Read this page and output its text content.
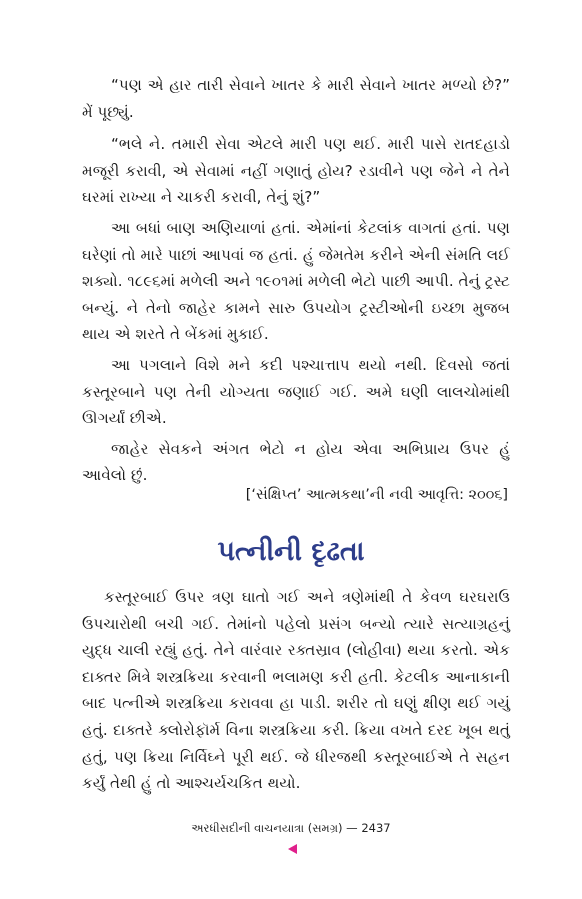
“પણ એ હાર તારી સેવાને ખાતર કે મારી સેવાને ખાતર મળ્યો છે?” મેં પૂછ્યું.

“ભલે ને. તમારી સેવા એટલે મારી પણ થઈ. મારી પાસે રાતદહાડો મજૂરી કરાવી, એ સેવામાં નહીં ગણાતું હોય? રડાવીને પણ જેને ને તેને ઘરમાં રાખ્યા ને ચાકરી કરાવી, તેનું શું?”

આ બધાં બાણ અણિયાળાં હતાં. એમાંનાં કેટલાંક વાગતાં હતાં. પણ ઘરેણાં તો મારે પાછાં આપવાં જ હતાં. હું જેમતેમ કરીને એની સંમતિ લઈ શક્યો. ૧૮૯૬માં મળેલી અને ૧૯૦૧માં મળેલી ભેટો પાછી આપી. તેનું ટ્રસ્ટ બન્યું. ને તેનો જાહેર કામને સારુ ઉપયોગ ટ્રસ્ટીઓની ઇચ્છા મુજબ થાય એ શરતે તે બેંકમાં મુકાઈ.

આ પગલાને વિશે મને કદી પશ્ચાત્તાપ થયો નથી. દિવસો જતાં કસ્તૂરબાને પણ તેની યોગ્યતા જણાઈ ગઈ. અમે ઘણી લાલચોમાંથી ઊગર્યાં છીએ.

જાહેર સેવકને અંગત ભેટો ન હોય એવા અભિપ્રાય ઉપર હું આવેલો છું.

[‘સંક્ષિપ્ત’ આત્મકથા’ની નવી આવૃત્તિ: ૨૦૦૬]
પત્નીની દૃઢતા

કસ્તૂરબાઈ ઉપર ત્રણ ઘાતો ગઈ અને ત્રણેમાંથી તે કેવળ ઘરઘરાઉ ઉપચારોથી બચી ગઈ. તેમાંનો પહેલો પ્રસંગ બન્યો ત્યારે સત્યાગ્રહનું યુદ્ધ ચાલી રહ્યું હતું. તેને વારંવાર રક્તસ્રાવ (લોહીવા) થયા કરતો. એક દાક્તર મિત્રે શસ્ત્રક્રિયા કરવાની ભલામણ કરી હતી. કેટલીક આનાકાની બાદ પત્નીએ શસ્ત્રક્રિયા કરાવવા હા પાડી. શરીર તો ઘણું ક્ષીણ થઈ ગયું હતું. દાક્તરે ક્લોરોફૉર્મ વિના શસ્ત્રક્રિયા કરી. ક્રિયા વખતે દરદ ખૂબ થતું હતું, પણ ક્રિયા નિર્વિઘ્ને પૂરી થઈ. જે ધીરજથી કસ્તૂરબાઈએ તે સહન કર્યું તેથી હું તો આશ્ચર્યચકિત થયો.

અરધીસદીની વાચનયાત્રા (સમગ્ર) — 2437
